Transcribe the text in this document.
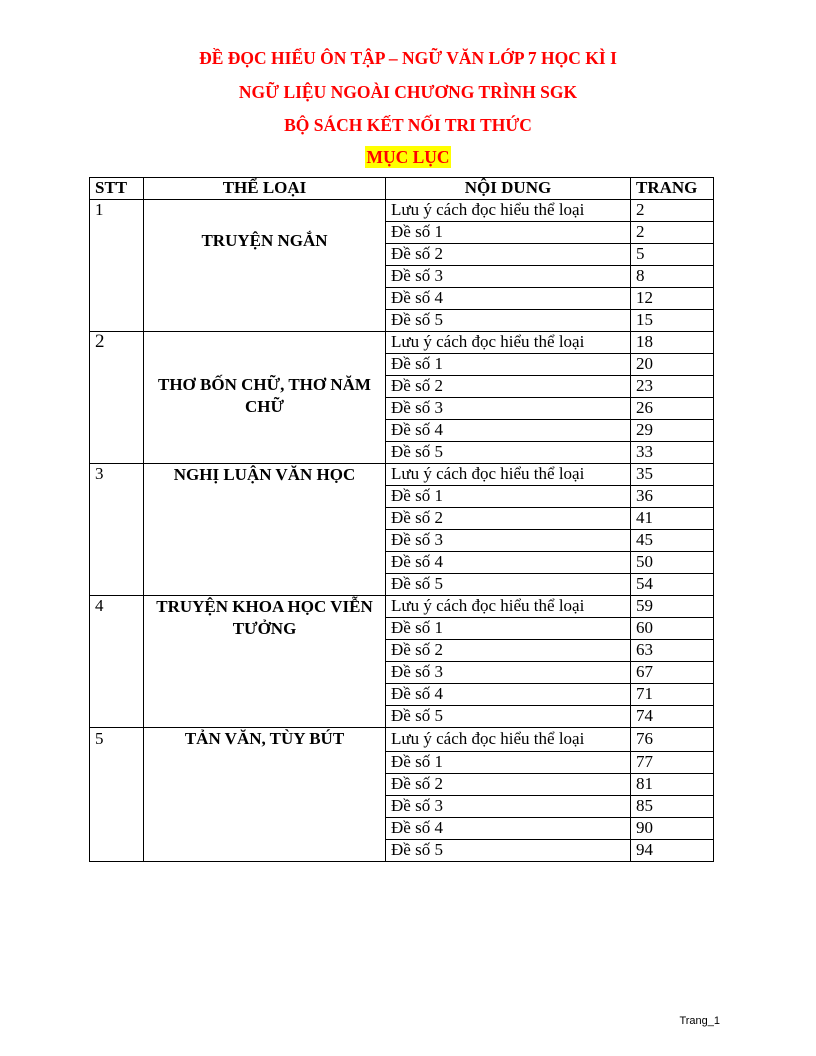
ĐỀ ĐỌC HIỂU ÔN TẬP – NGỮ VĂN LỚP 7 HỌC KÌ I
NGỮ LIỆU NGOÀI CHƯƠNG TRÌNH SGK
BỘ SÁCH KẾT NỐI TRI THỨC
MỤC LỤC
STT	THỂ LOẠI	NỘI DUNG	TRANG
1	TRUYỆN NGẮN	Lưu ý cách đọc hiểu thể loại	2
		Đề số 1	2
		Đề số 2	5
		Đề số 3	8
		Đề số 4	12
		Đề số 5	15
2	THƠ BỐN CHỮ, THƠ NĂM CHỮ	Lưu ý cách đọc hiểu thể loại	18
		Đề số 1	20
		Đề số 2	23
		Đề số 3	26
		Đề số 4	29
		Đề số 5	33
3	NGHỊ LUẬN VĂN HỌC	Lưu ý cách đọc hiểu thể loại	35
		Đề số 1	36
		Đề số 2	41
		Đề số 3	45
		Đề số 4	50
		Đề số 5	54
4	TRUYỆN KHOA HỌC VIỄN TƯỞNG	Lưu ý cách đọc hiểu thể loại	59
		Đề số 1	60
		Đề số 2	63
		Đề số 3	67
		Đề số 4	71
		Đề số 5	74
5	TẢN VĂN, TÙY BÚT	Lưu ý cách đọc hiểu thể loại	76
		Đề số 1	77
		Đề số 2	81
		Đề số 3	85
		Đề số 4	90
		Đề số 5	94
Trang_1
